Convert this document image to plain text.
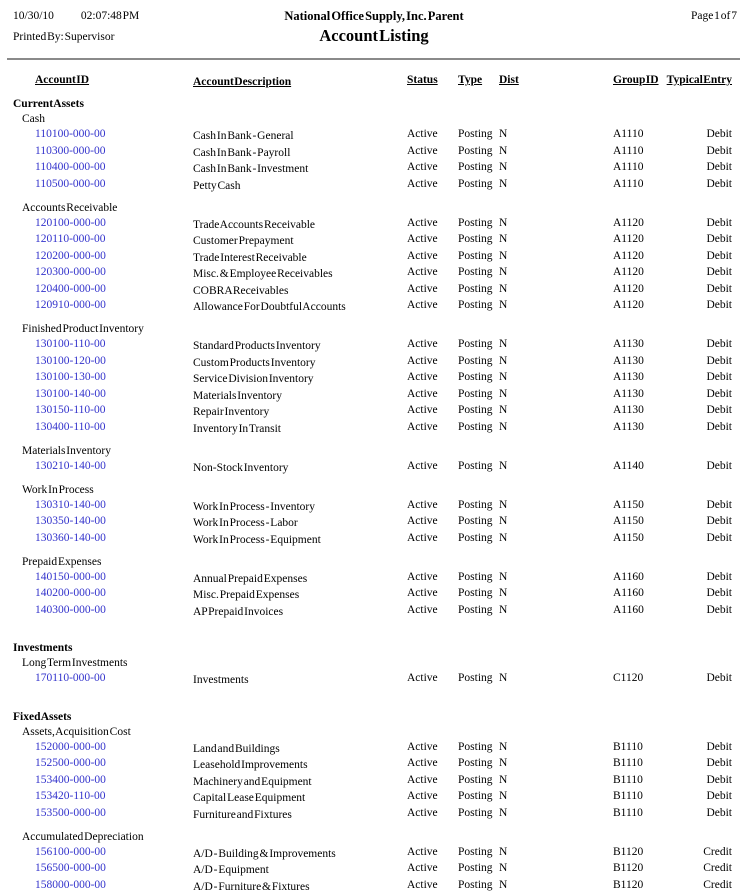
10/30/10 02:07:48 PM
Printed By: Supervisor
National Office Supply, Inc. Parent
Account Listing
Page 1 of 7
Account ID	Account Description	Status Type Dist	Group ID Typical Entry
Current Assets
Cash
110100-000-00	Cash In Bank - General	Active Posting N	A1110	Debit
110300-000-00	Cash In Bank - Payroll	Active Posting N	A1110	Debit
110400-000-00	Cash In Bank - Investment	Active Posting N	A1110	Debit
110500-000-00	Petty Cash	Active Posting N	A1110	Debit
Accounts Receivable
120100-000-00	Trade Accounts Receivable	Active Posting N	A1120	Debit
120110-000-00	Customer Prepayment	Active Posting N	A1120	Debit
120200-000-00	Trade Interest Receivable	Active Posting N	A1120	Debit
120300-000-00	Misc. & Employee Receivables	Active Posting N	A1120	Debit
120400-000-00	COBRA Receivables	Active Posting N	A1120	Debit
120910-000-00	Allowance For Doubtful Accounts	Active Posting N	A1120	Debit
Finished Product Inventory
130100-110-00	Standard Products Inventory	Active Posting N	A1130	Debit
130100-120-00	Custom Products Inventory	Active Posting N	A1130	Debit
130100-130-00	Service Division Inventory	Active Posting N	A1130	Debit
130100-140-00	Materials Inventory	Active Posting N	A1130	Debit
130150-110-00	Repair Inventory	Active Posting N	A1130	Debit
130400-110-00	Inventory In Transit	Active Posting N	A1130	Debit
Materials Inventory
130210-140-00	Non-Stock Inventory	Active Posting N	A1140	Debit
Work In Process
130310-140-00	Work In Process - Inventory	Active Posting N	A1150	Debit
130350-140-00	Work In Process - Labor	Active Posting N	A1150	Debit
130360-140-00	Work In Process - Equipment	Active Posting N	A1150	Debit
Prepaid Expenses
140150-000-00	Annual Prepaid Expenses	Active Posting N	A1160	Debit
140200-000-00	Misc. Prepaid Expenses	Active Posting N	A1160	Debit
140300-000-00	AP Prepaid Invoices	Active Posting N	A1160	Debit
Investments
Long Term Investments
170110-000-00	Investments	Active Posting N	C1120	Debit
Fixed Assets
Assets, Acquisition Cost
152000-000-00	Land and Buildings	Active Posting N	B1110	Debit
152500-000-00	Leasehold Improvements	Active Posting N	B1110	Debit
153400-000-00	Machinery and Equipment	Active Posting N	B1110	Debit
153420-110-00	Capital Lease Equipment	Active Posting N	B1110	Debit
153500-000-00	Furniture and Fixtures	Active Posting N	B1110	Debit
Accumulated Depreciation
156100-000-00	A/D - Building & Improvements	Active Posting N	B1120	Credit
156500-000-00	A/D - Equipment	Active Posting N	B1120	Credit
158000-000-00	A/D - Furniture & Fixtures	Active Posting N	B1120	Credit
